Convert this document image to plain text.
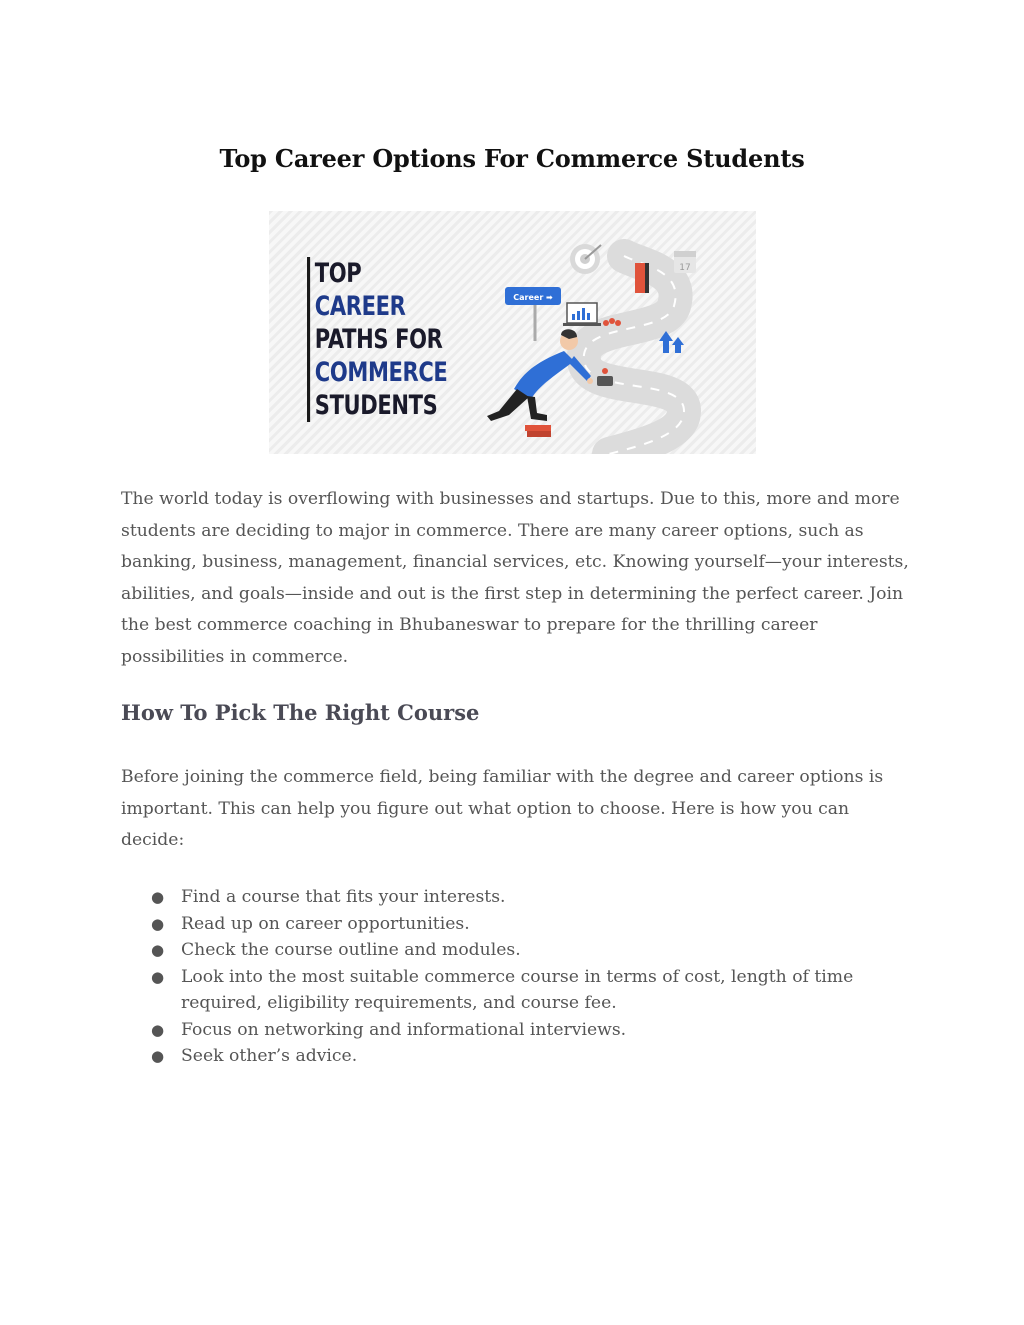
Top Career Options For Commerce Students
TOP
CAREER
PATHS FOR
COMMERCE
STUDENTS
17
Career ➡

The world today is overflowing with businesses and startups. Due to this, more and more students are deciding to major in commerce. There are many career options, such as banking, business, management, financial services, etc. Knowing yourself—your interests, abilities, and goals—inside and out is the first step in determining the perfect career. Join the best commerce coaching in Bhubaneswar to prepare for the thrilling career possibilities in commerce.

How To Pick The Right Course

Before joining the commerce field, being familiar with the degree and career options is important. This can help you figure out what option to choose. Here is how you can decide:

● Find a course that fits your interests.
● Read up on career opportunities.
● Check the course outline and modules.
● Look into the most suitable commerce course in terms of cost, length of time required, eligibility requirements, and course fee.
● Focus on networking and informational interviews.
● Seek other’s advice.
